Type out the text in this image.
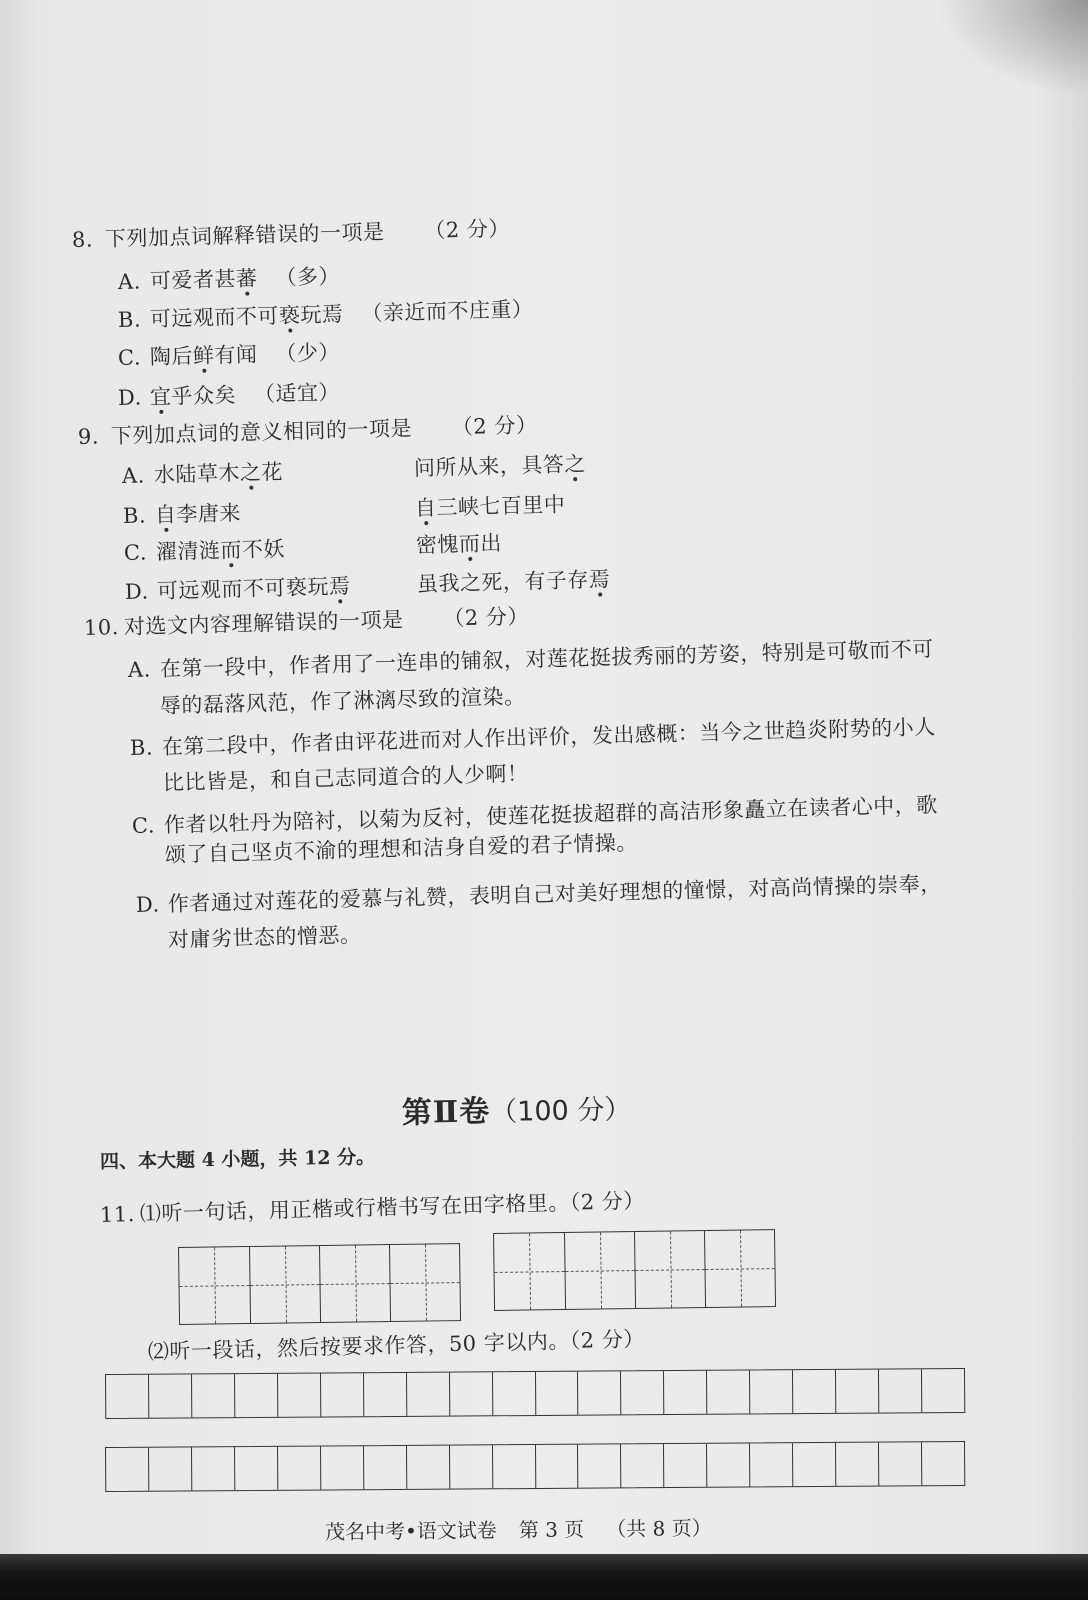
8. 下列加点词解释错误的一项是 （2 分）
A. 可爱者甚蕃 （多）
B. 可远观而不可亵玩焉 （亲近而不庄重）
C. 陶后鲜有闻 （少）
D. 宜乎众矣 （适宜）
9. 下列加点词的意义相同的一项是 （2 分）
A. 水陆草木之花	问所从来，具答之
B. 自李唐来	自三峡七百里中
C. 濯清涟而不妖	密愧而出
D. 可远观而不可亵玩焉	虽我之死，有子存焉
10. 对选文内容理解错误的一项是 （2 分）
A. 在第一段中，作者用了一连串的铺叙，对莲花挺拔秀丽的芳姿，特别是可敬而不可
辱的磊落风范，作了淋漓尽致的渲染。
B. 在第二段中，作者由评花进而对人作出评价，发出感概：当今之世趋炎附势的小人
比比皆是，和自己志同道合的人少啊！
C. 作者以牡丹为陪衬，以菊为反衬，使莲花挺拔超群的高洁形象矗立在读者心中，歌
颂了自己坚贞不渝的理想和洁身自爱的君子情操。
D. 作者通过对莲花的爱慕与礼赞，表明自己对美好理想的憧憬，对高尚情操的崇奉，
对庸劣世态的憎恶。
第Ⅱ卷（100 分）
四、本大题 4 小题，共 12 分。
11. ⑴听一句话，用正楷或行楷书写在田字格里。（2 分）
⑵听一段话，然后按要求作答，50 字以内。（2 分）
茂名中考•语文试卷 第 3 页 （共 8 页）
